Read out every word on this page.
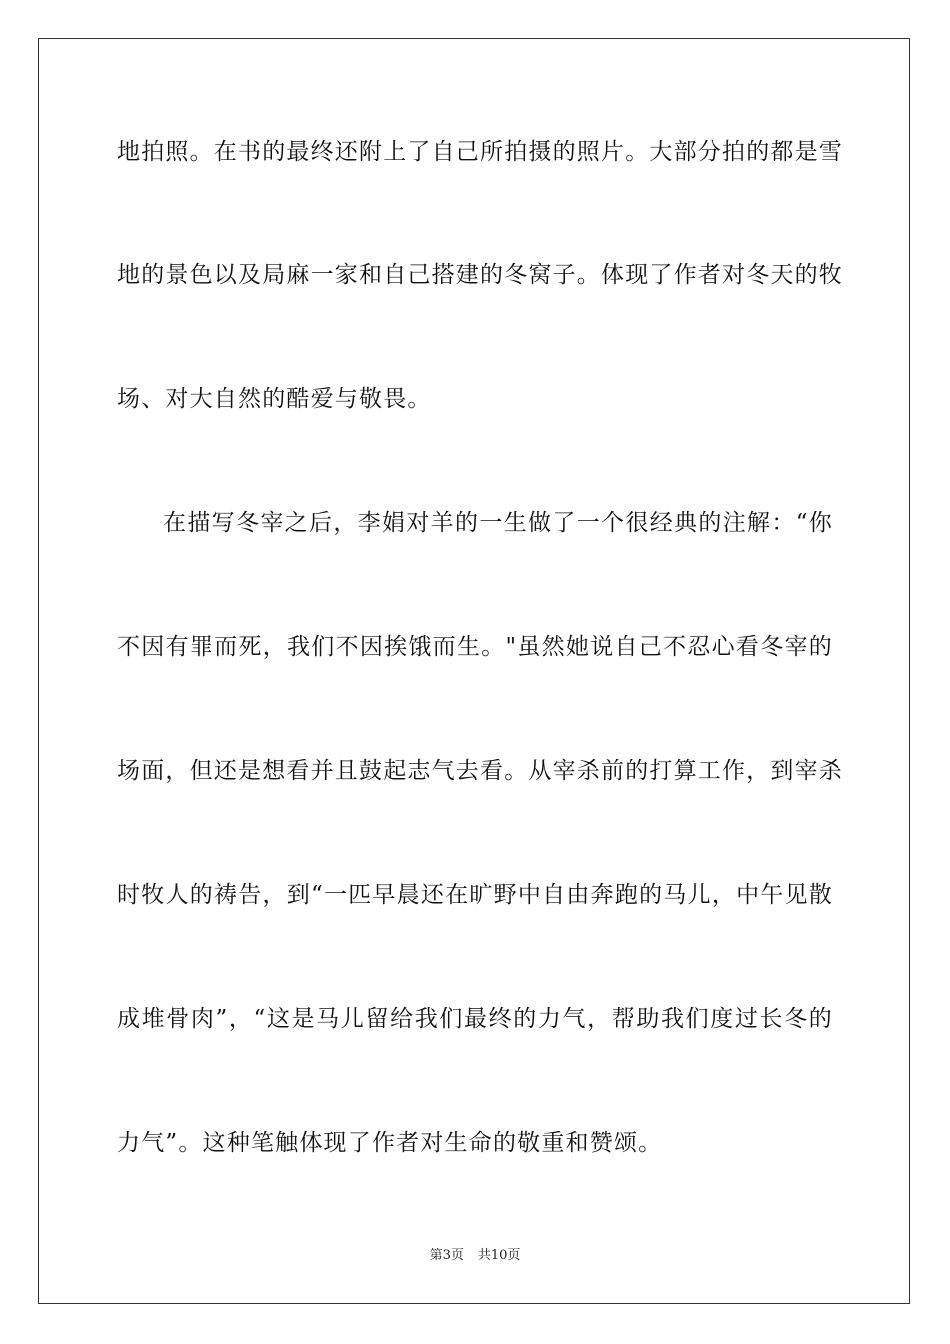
地拍照。在书的最终还附上了自己所拍摄的照片。大部分拍的都是雪
地的景色以及局麻一家和自己搭建的冬窝子。体现了作者对冬天的牧
场、对大自然的酷爱与敬畏。
在描写冬宰之后，李娟对羊的一生做了一个很经典的注解：“你
不因有罪而死，我们不因挨饿而生。"虽然她说自己不忍心看冬宰的
场面，但还是想看并且鼓起志气去看。从宰杀前的打算工作，到宰杀
时牧人的祷告，到“一匹早晨还在旷野中自由奔跑的马儿，中午见散
成堆骨肉”，“这是马儿留给我们最终的力气，帮助我们度过长冬的
力气”。这种笔触体现了作者对生命的敬重和赞颂。
第3页 共10页
